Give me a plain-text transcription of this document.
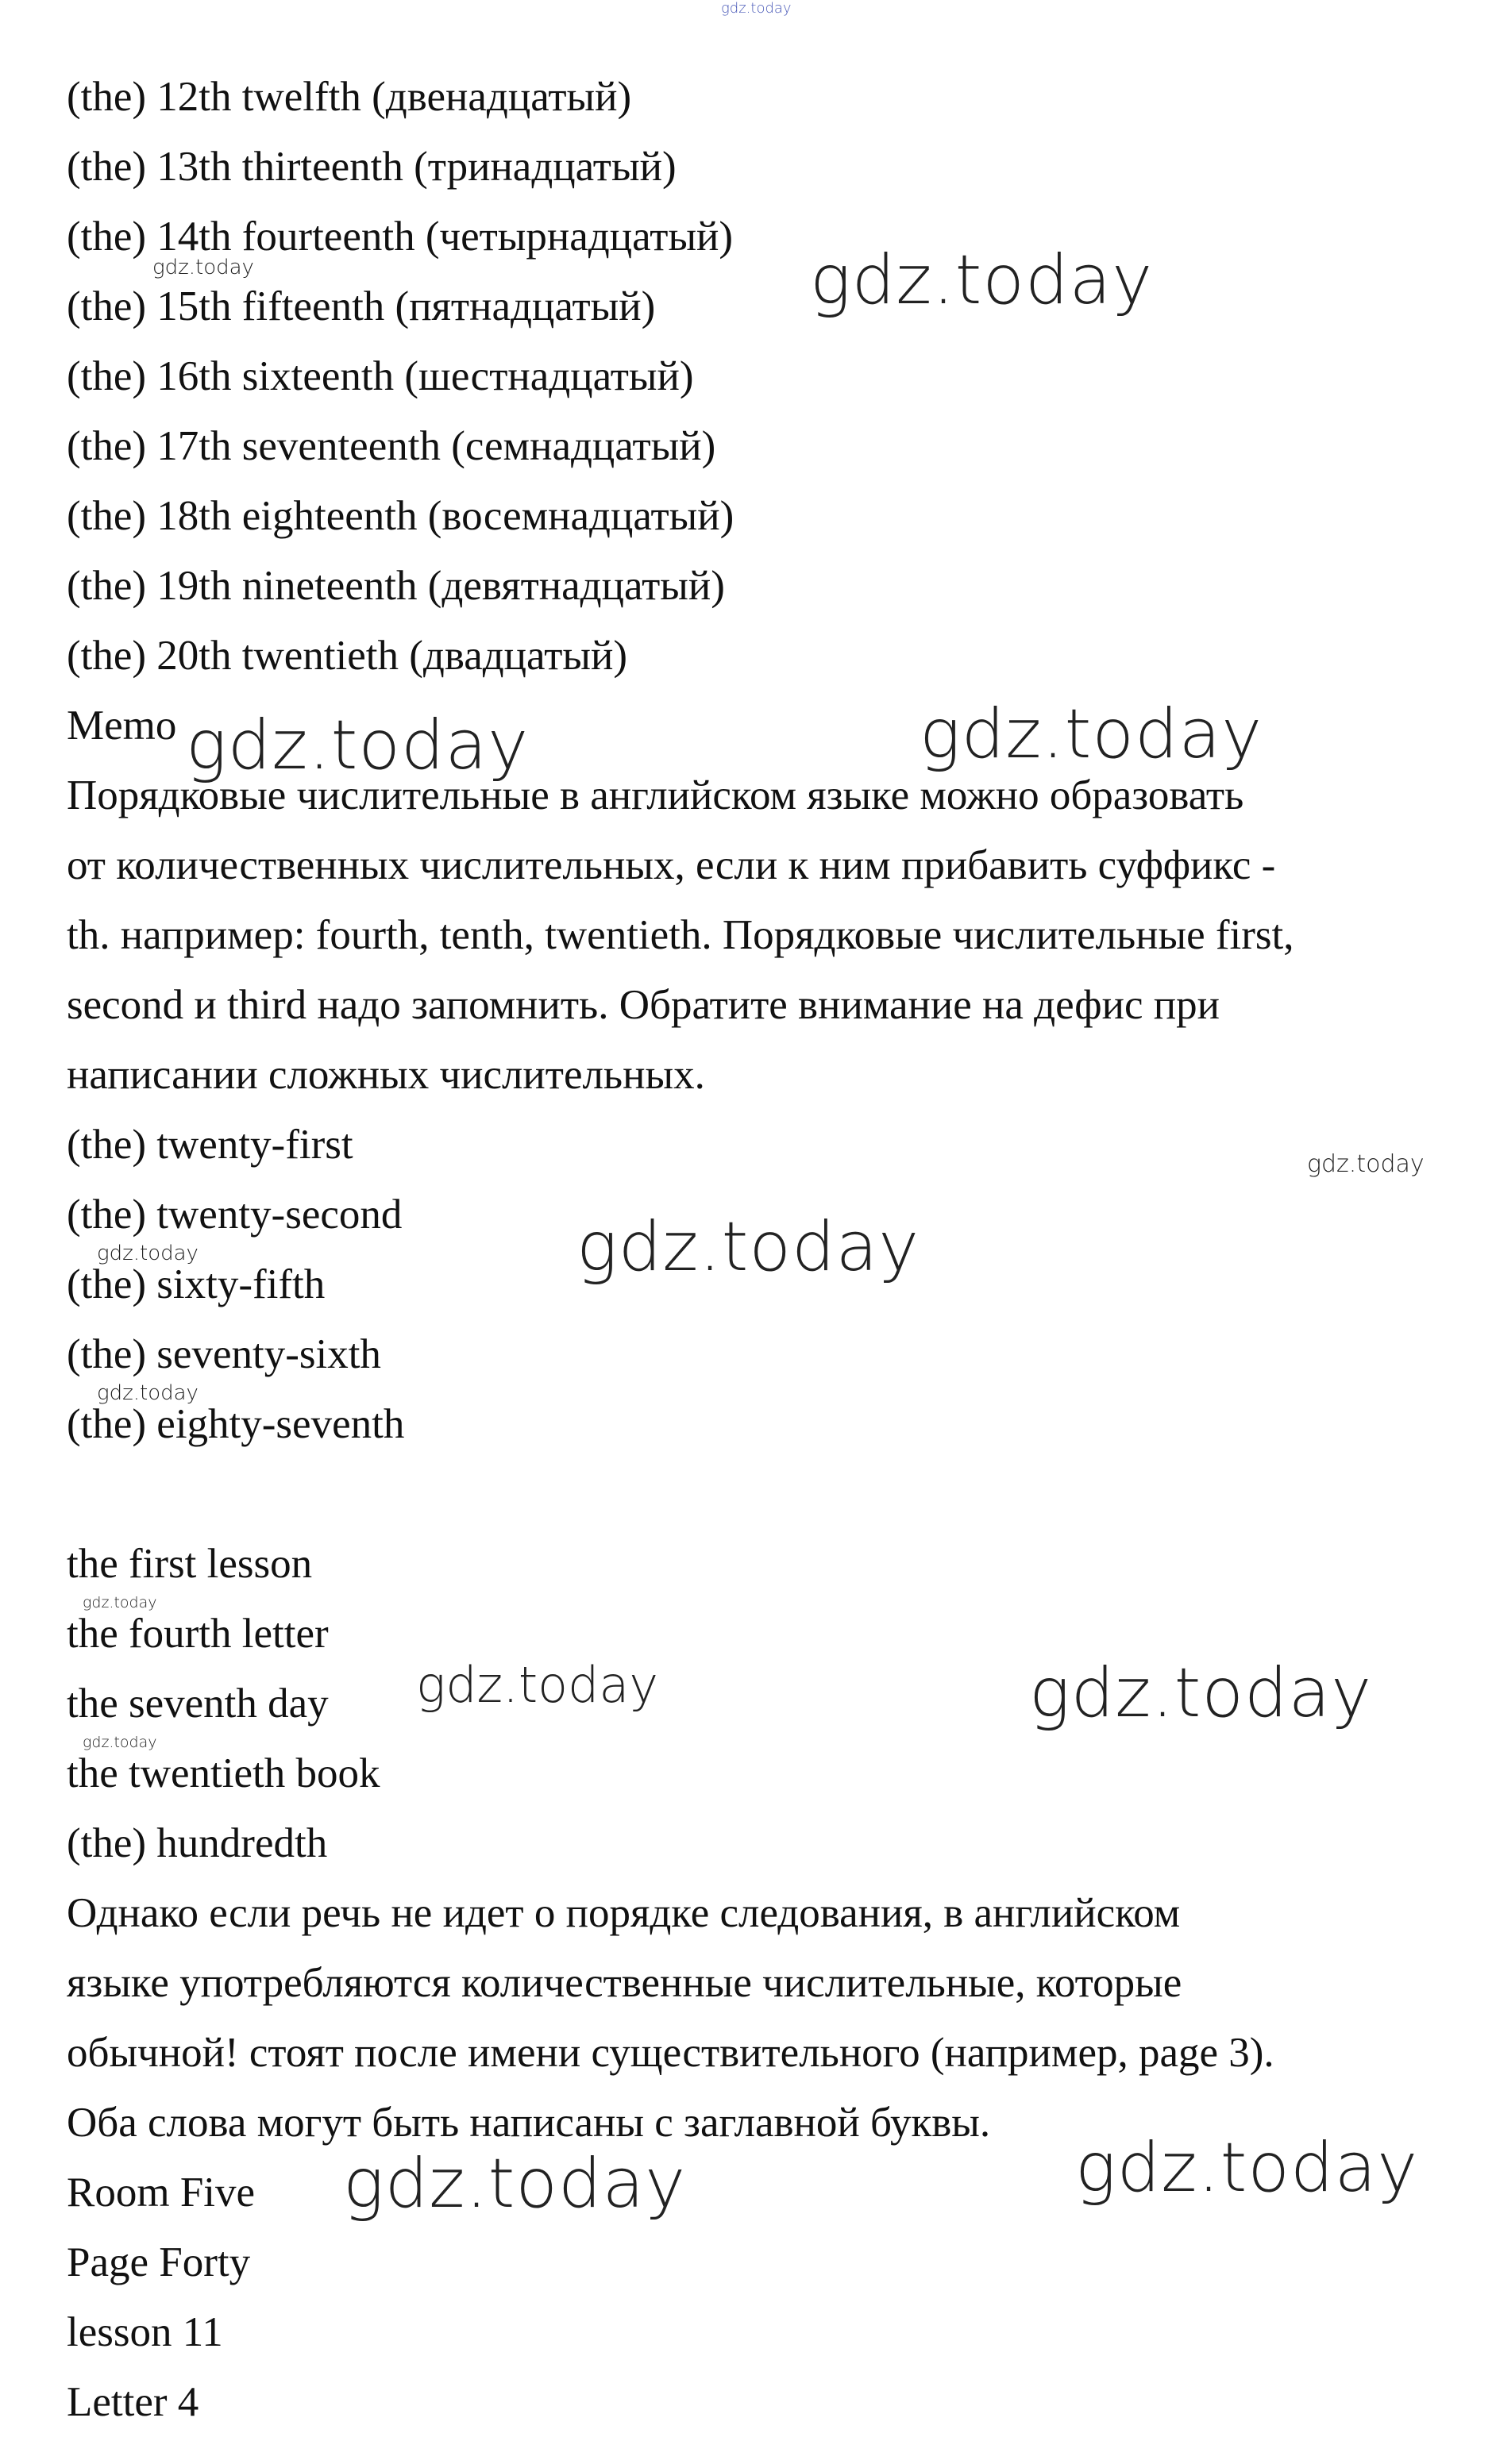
gdz.today

(the) 12th twelfth (двенадцатый)

(the) 13th thirteenth (тринадцатый)

(the) 14th fourteenth (четырнадцатый)

(the) 15th fifteenth (пятнадцатый)

(the) 16th sixteenth (шестнадцатый)

(the) 17th seventeenth (семнадцатый)

(the) 18th eighteenth (восемнадцатый)

(the) 19th nineteenth (девятнадцатый)

(the) 20th twentieth (двадцатый)

Memo

Порядковые числительные в английском языке можно образовать

от количественных числительных, если к ним прибавить суффикс -

th. например: fourth, tenth, twentieth. Порядковые числительные first,

second и third надо запомнить. Обратите внимание на дефис при

написании сложных числительных.

(the) twenty-first

(the) twenty-second

(the) sixty-fifth

(the) seventy-sixth

(the) eighty-seventh

the first lesson

the fourth letter

the seventh day

the twentieth book

(the) hundredth

Однако если речь не идет о порядке следования, в английском

языке употребляются количественные числительные, которые

обычной! стоят после имени существительного (например, page 3).

Оба слова могут быть написаны с заглавной буквы.

Room Five

Page Forty

lesson 11

Letter 4

gdz.today
gdz.today
gdz.today	gdz.today
gdz.today
gdz.today
gdz.today
gdz.today
gdz.today
gdz.today	gdz.today
gdz.today
gdz.today	gdz.today
